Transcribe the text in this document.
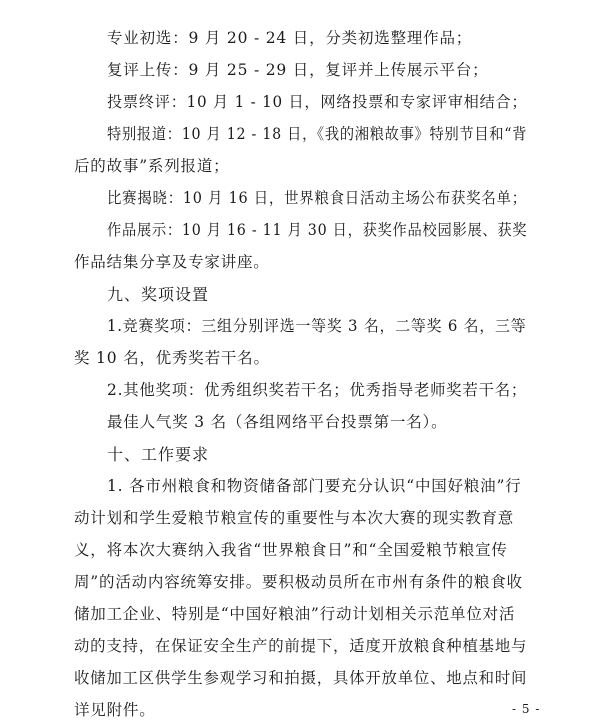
专业初选：9 月 20 - 24 日，分类初选整理作品；
复评上传：9 月 25 - 29 日，复评并上传展示平台；
投票终评：10 月 1 - 10 日，网络投票和专家评审相结合；
特别报道：10 月 12 - 18 日，《我的湘粮故事》特别节目和“背
后的故事”系列报道；
比赛揭晓：10 月 16 日，世界粮食日活动主场公布获奖名单；
作品展示：10 月 16 - 11 月 30 日，获奖作品校园影展、获奖
作品结集分享及专家讲座。
九、奖项设置
1.竞赛奖项：三组分别评选一等奖 3 名，二等奖 6 名，三等
奖 10 名，优秀奖若干名。
2.其他奖项：优秀组织奖若干名；优秀指导老师奖若干名；
最佳人气奖 3 名（各组网络平台投票第一名）。
十、工作要求
1. 各市州粮食和物资储备部门要充分认识“中国好粮油”行
动计划和学生爱粮节粮宣传的重要性与本次大赛的现实教育意
义，将本次大赛纳入我省“世界粮食日”和“全国爱粮节粮宣传
周”的活动内容统筹安排。要积极动员所在市州有条件的粮食收
储加工企业、特别是“中国好粮油”行动计划相关示范单位对活
动的支持，在保证安全生产的前提下，适度开放粮食种植基地与
收储加工区供学生参观学习和拍摄，具体开放单位、地点和时间
详见附件。	- 5 -
